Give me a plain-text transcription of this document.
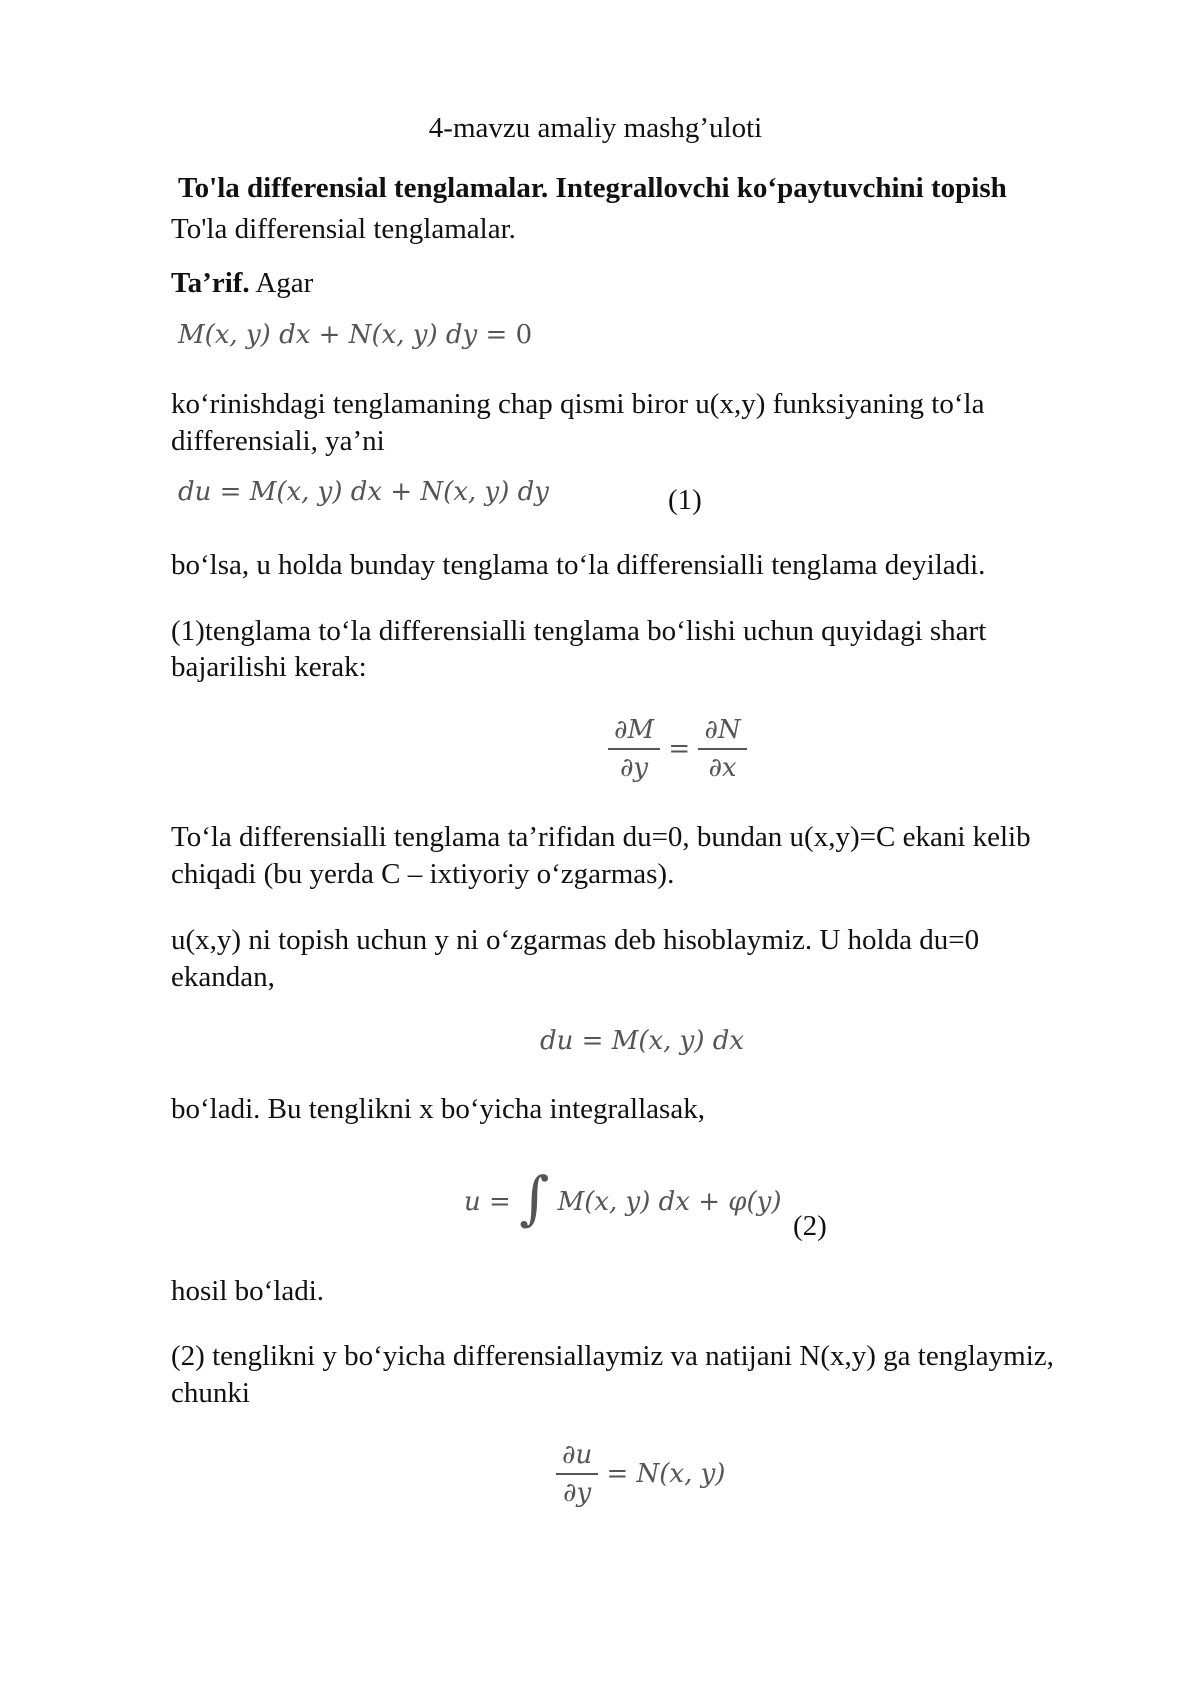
4-mavzu amaliy mashg’uloti
To'la differensial tenglamalar. Integrallovchi ko‘paytuvchini topish
To'la differensial tenglamalar.
Ta’rif. Agar
M(x, y) dx + N(x, y) dy = 0
ko‘rinishdagi tenglamaning chap qismi biror u(x,y) funksiyaning to‘la
differensiali, ya’ni
du = M(x, y) dx + N(x, y) dy	(1)
bo‘lsa, u holda bunday tenglama to‘la differensialli tenglama deyiladi.
(1)tenglama to‘la differensialli tenglama bo‘lishi uchun quyidagi shart
bajarilishi kerak:
$\frac{\partial M}{\partial y} = \frac{\partial N}{\partial x}$
To‘la differensialli tenglama ta’rifidan du=0, bundan u(x,y)=C ekani kelib
chiqadi (bu yerda C – ixtiyoriy o‘zgarmas).
u(x,y) ni topish uchun y ni o‘zgarmas deb hisoblaymiz. U holda du=0
ekandan,
du = M(x, y) dx
bo‘ladi. Bu tenglikni x bo‘yicha integrallasak,
u = ∫ M(x, y) dx + φ(y)
(2)
hosil bo‘ladi.
(2) tenglikni y bo‘yicha differensiallaymiz va natijani N(x,y) ga tenglaymiz,
chunki
$\frac{\partial u}{\partial y} = N(x$, y)
